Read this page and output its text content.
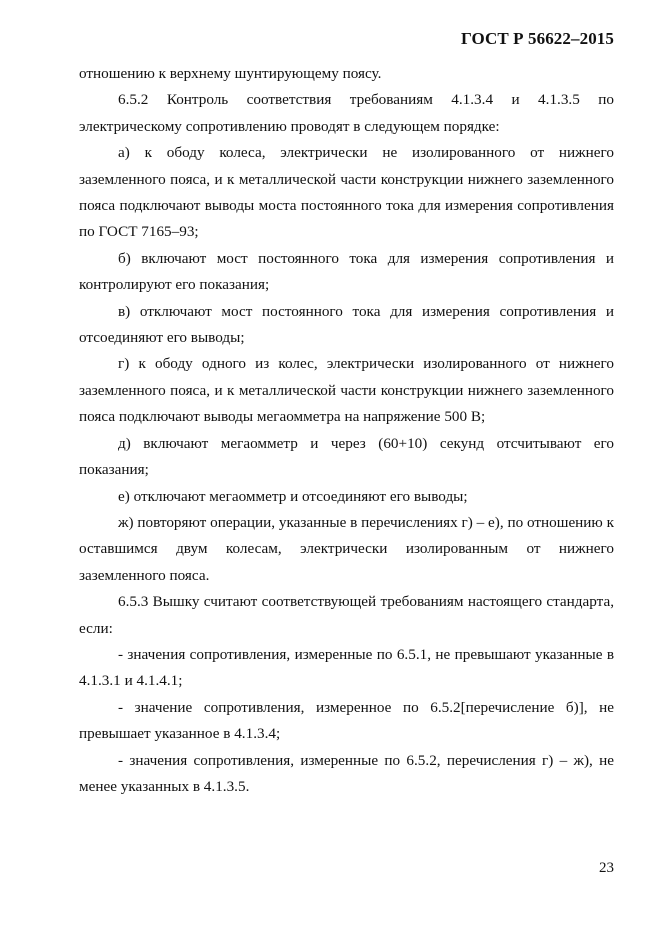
ГОСТ Р 56622–2015

отношению к верхнему шунтирующему поясу.

6.5.2 Контроль соответствия требованиям 4.1.3.4 и 4.1.3.5 по электрическому сопротивлению проводят в следующем порядке:

а) к ободу колеса, электрически не изолированного от нижнего заземленного пояса, и к металлической части конструкции нижнего заземленного пояса подключают выводы моста постоянного тока для измерения сопротивления по ГОСТ 7165–93;

б) включают мост постоянного тока для измерения сопротивления и контролируют его показания;

в) отключают мост постоянного тока для измерения сопротивления и отсоединяют его выводы;

г) к ободу одного из колес, электрически изолированного от нижнего заземленного пояса, и к металлической части конструкции нижнего заземленного пояса подключают выводы мегаомметра на напряжение 500 В;

д) включают мегаомметр и через (60+10) секунд отсчитывают его показания;

е) отключают мегаомметр и отсоединяют его выводы;

ж) повторяют операции, указанные в перечислениях г) – е), по отношению к оставшимся двум колесам, электрически изолированным от нижнего заземленного пояса.

6.5.3 Вышку считают соответствующей требованиям настоящего стандарта, если:

- значения сопротивления, измеренные по 6.5.1, не превышают указанные в 4.1.3.1 и 4.1.4.1;

- значение сопротивления, измеренное по 6.5.2[перечисление б)], не превышает указанное в 4.1.3.4;

- значения сопротивления, измеренные по 6.5.2, перечисления г) – ж), не менее указанных в 4.1.3.5.

23
